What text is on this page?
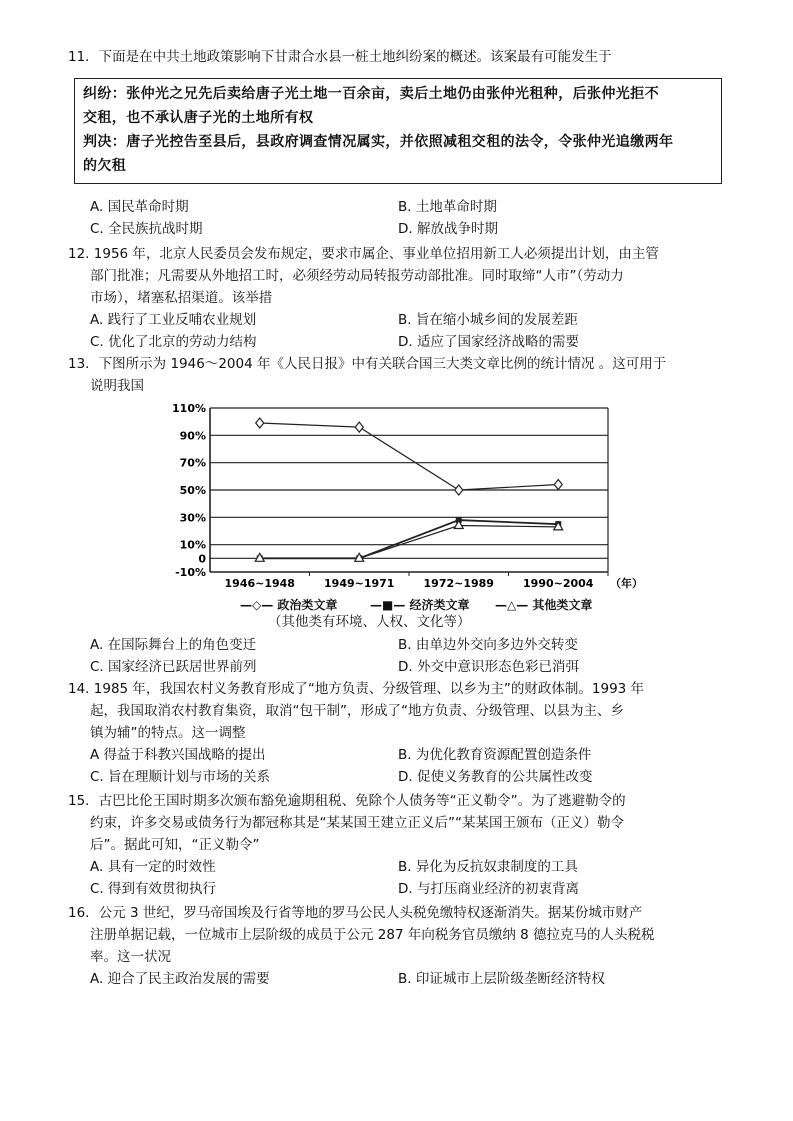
11．下面是在中共土地政策影响下甘肃合水县一桩土地纠纷案的概述。该案最有可能发生于
纠纷：张仲光之兄先后卖给唐子光土地一百余亩，卖后土地仍由张仲光租种，后张仲光拒不
交租，也不承认唐子光的土地所有权
判决：唐子光控告至县后，县政府调查情况属实，并依照减租交租的法令，令张仲光追缴两年
的欠租
A. 国民革命时期	B. 土地革命时期
C. 全民族抗战时期	D. 解放战争时期
12. 1956 年，北京人民委员会发布规定，要求市属企、事业单位招用新工人必须提出计划，由主管
部门批准；凡需要从外地招工时，必须经劳动局转报劳动部批准。同时取缔“人市”（劳动力
市场），堵塞私招渠道。该举措
A. 践行了工业反哺农业规划	B. 旨在缩小城乡间的发展差距
C. 优化了北京的劳动力结构	D. 适应了国家经济战略的需要
13．下图所示为 1946～2004 年《人民日报》中有关联合国三大类文章比例的统计情况 。这可用于
说明我国
110%
90%
70%
50%
30%
10%
0
-10%
1946~1948	1949~1971	1972~1989	1990~2004 （年）
—◇— 政治类文章	—■— 经济类文章 —△— 其他类文章
（其他类有环境、人权、文化等）
A. 在国际舞台上的角色变迁	B. 由单边外交向多边外交转变
C. 国家经济已跃居世界前列	D. 外交中意识形态色彩已消弭
14. 1985 年，我国农村义务教育形成了“地方负责、分级管理、以乡为主”的财政体制。1993 年
起，我国取消农村教育集资，取消“包干制”，形成了“地方负责、分级管理、以县为主、乡
镇为辅”的特点。这一调整
A 得益于科教兴国战略的提出	B. 为优化教育资源配置创造条件
C. 旨在理顺计划与市场的关系	D. 促使义务教育的公共属性改变
15．古巴比伦王国时期多次颁布豁免逾期租税、免除个人债务等“正义勒令”。为了逃避勒令的
约束，许多交易或债务行为都冠称其是“某某国王建立正义后”“某某国王颁布（正义）勒令
后”。据此可知，“正义勒令”
A. 具有一定的时效性	B. 异化为反抗奴隶制度的工具
C. 得到有效贯彻执行	D. 与打压商业经济的初衷背离
16．公元 3 世纪，罗马帝国埃及行省等地的罗马公民人头税免缴特权逐渐消失。据某份城市财产
注册单据记载，一位城市上层阶级的成员于公元 287 年向税务官员缴纳 8 德拉克马的人头税税
率。这一状况
A. 迎合了民主政治发展的需要	B. 印证城市上层阶级垄断经济特权
